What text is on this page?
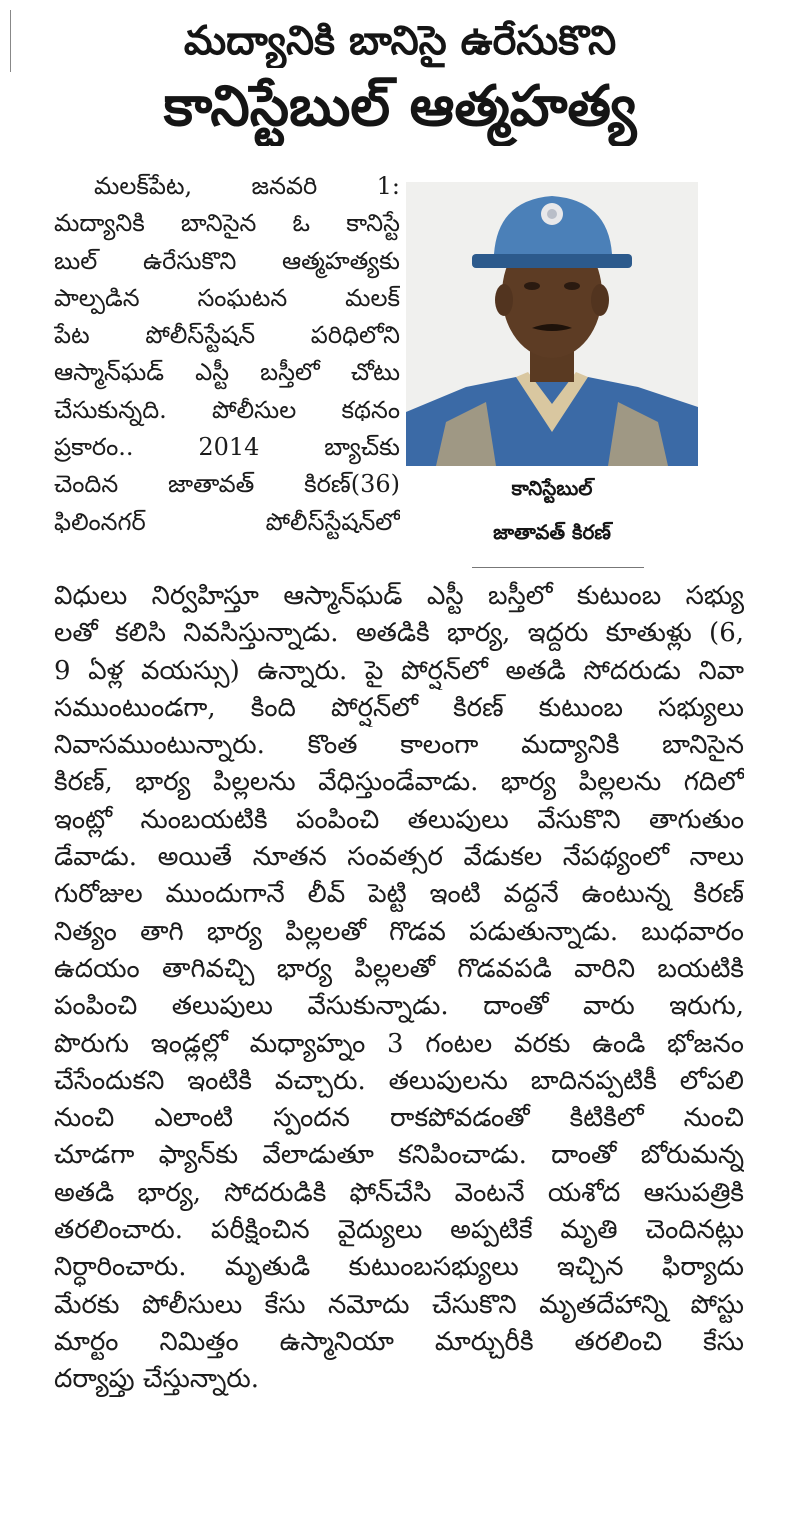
మద్యానికి బానిసై ఉరేసుకొని
కానిస్టేబుల్ ఆత్మహత్య
మలక్‌పేట, జనవరి 1:
మద్యానికి బానిసైన ఓ కానిస్టే
బుల్ ఉరేసుకొని ఆత్మహత్యకు
పాల్పడిన సంఘటన మలక్
పేట పోలీస్‌స్టేషన్ పరిధిలోని
ఆస్మాన్‌ఘడ్ ఎస్టీ బస్తీలో చోటు
చేసుకున్నది. పోలీసుల కథనం
ప్రకారం.. 2014 బ్యాచ్‌కు
చెందిన జాతావత్ కిరణ్(36)
ఫిలింనగర్ పోలీస్‌స్టేషన్‌లో
కానిస్టేబుల్
జాతావత్ కిరణ్
విధులు నిర్వహిస్తూ ఆస్మాన్‌ఘడ్ ఎస్టీ బస్తీలో కుటుంబ సభ్యు
లతో కలిసి నివసిస్తున్నాడు. అతడికి భార్య, ఇద్దరు కూతుళ్లు (6,
9 ఏళ్ల వయస్సు) ఉన్నారు. పై పోర్షన్‌లో అతడి సోదరుడు నివా
సముంటుండగా, కింది పోర్షన్‌లో కిరణ్ కుటుంబ సభ్యులు
నివాసముంటున్నారు. కొంత కాలంగా మద్యానికి బానిసైన
కిరణ్, భార్య పిల్లలను వేధిస్తుండేవాడు. భార్య పిల్లలను గదిలో
ఇంట్లో నుంబయటికి పంపించి తలుపులు వేసుకొని తాగుతుం
డేవాడు. అయితే నూతన సంవత్సర వేడుకల నేపథ్యంలో నాలు
గురోజుల ముందుగానే లీవ్ పెట్టి ఇంటి వద్దనే ఉంటున్న కిరణ్
నిత్యం తాగి భార్య పిల్లలతో గొడవ పడుతున్నాడు. బుధవారం
ఉదయం తాగివచ్చి భార్య పిల్లలతో గొడవపడి వారిని బయటికి
పంపించి తలుపులు వేసుకున్నాడు. దాంతో వారు ఇరుగు,
పొరుగు ఇండ్లల్లో మధ్యాహ్నం 3 గంటల వరకు ఉండి భోజనం
చేసేందుకని ఇంటికి వచ్చారు. తలుపులను బాదినప్పటికీ లోపలి
నుంచి ఎలాంటి స్పందన రాకపోవడంతో కిటికిలో నుంచి
చూడగా ఫ్యాన్‌కు వేలాడుతూ కనిపించాడు. దాంతో బోరుమన్న
అతడి భార్య, సోదరుడికి ఫోన్‌చేసి వెంటనే యశోద ఆసుపత్రికి
తరలించారు. పరీక్షించిన వైద్యులు అప్పటికే మృతి చెందినట్లు
నిర్ధారించారు. మృతుడి కుటుంబసభ్యులు ఇచ్చిన ఫిర్యాదు
మేరకు పోలీసులు కేసు నమోదు చేసుకొని మృతదేహాన్ని పోస్టు
మార్టం నిమిత్తం ఉస్మానియా మార్చురీకి తరలించి కేసు
దర్యాప్తు చేస్తున్నారు.
